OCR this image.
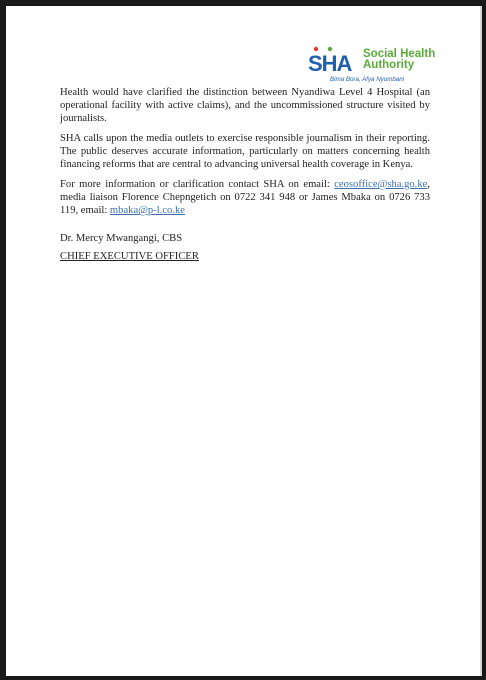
SHA Social Health
Authority
Bima Bora, Afya Nyumbani

Health would have clarified the distinction between Nyandiwa Level 4 Hospital (an operational facility with active claims), and the uncommissioned structure visited by journalists.

SHA calls upon the media outlets to exercise responsible journalism in their reporting. The public deserves accurate information, particularly on matters concerning health financing reforms that are central to advancing universal health coverage in Kenya.

For more information or clarification contact SHA on email: ceosoffice@sha.go.ke, media liaison Florence Chepngetich on 0722 341 948 or James Mbaka on 0726 733 119, email: mbaka@p-l.co.ke

Dr. Mercy Mwangangi, CBS
CHIEF EXECUTIVE OFFICER
